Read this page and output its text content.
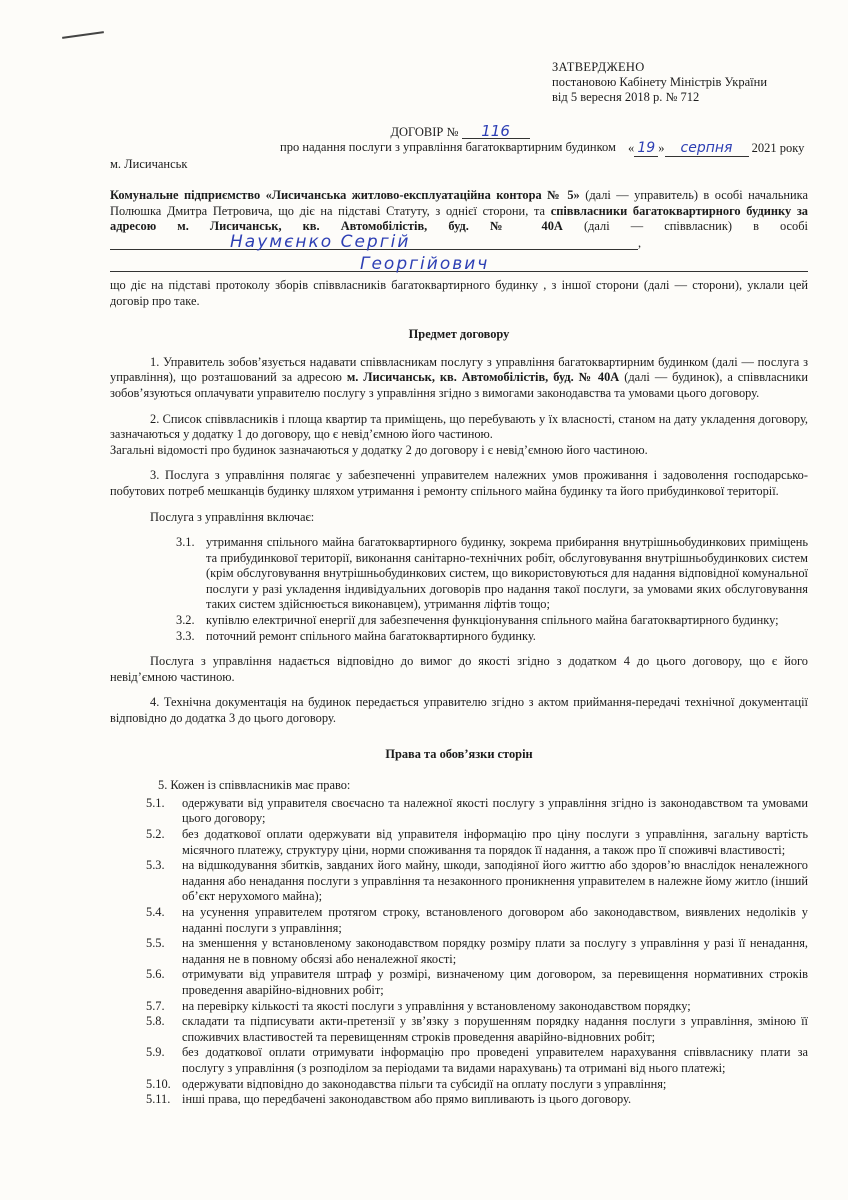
ЗАТВЕРДЖЕНО
постановою Кабінету Міністрів України
від 5 вересня 2018 р. № 712
ДОГОВІР № 116
про надання послуги з управління багатоквартирним будинком « 19 » серпня 2021 року
м. Лисичанськ
Комунальне підприємство «Лисичанська житлово-експлуатаційна контора № 5» (далі — управитель) в особі начальника Полюшка Дмитра Петровича, що діє на підставі Статуту, з однієї сторони, та співвласники багатоквартирного будинку за адресою м. Лисичанськ, кв. Автомобілістів, буд. № 40А (далі — співвласник) в особіНаумєнко Сергій	,
Георгійович

що діє на підставі протоколу зборів співвласників багатоквартирного будинку , з іншої сторони (далі — сторони), уклали цей договір про таке.

Предмет договору

1. Управитель зобов’язується надавати співвласникам послугу з управління багатоквартирним будинком (далі — послуга з управління), що розташований за адресою м. Лисичанськ, кв. Автомобілістів, буд. № 40А (далі — будинок), а співвласники зобов’язуються оплачувати управителю послугу з управління згідно з вимогами законодавства та умовами цього договору.

2. Список співвласників і площа квартир та приміщень, що перебувають у їх власності, станом на дату укладення договору, зазначаються у додатку 1 до договору, що є невід’ємною його частиною.

Загальні відомості про будинок зазначаються у додатку 2 до договору і є невід’ємною його частиною.

3. Послуга з управління полягає у забезпеченні управителем належних умов проживання і задоволення господарсько-побутових потреб мешканців будинку шляхом утримання і ремонту спільного майна будинку та його прибудинкової території.

Послуга з управління включає:

3.1. утримання спільного майна багатоквартирного будинку, зокрема прибирання внутрішньобудинкових приміщень та прибудинкової території, виконання санітарно-технічних робіт, обслуговування внутрішньобудинкових систем (крім обслуговування внутрішньобудинкових систем, що використовуються для надання відповідної комунальної послуги у разі укладення індивідуальних договорів про надання такої послуги, за умовами яких обслуговування таких систем здійснюється виконавцем), утримання ліфтів тощо;
3.2. купівлю електричної енергії для забезпечення функціонування спільного майна багатоквартирного будинку;
3.3. поточний ремонт спільного майна багатоквартирного будинку.

Послуга з управління надається відповідно до вимог до якості згідно з додатком 4 до цього договору, що є його невід’ємною частиною.

4. Технічна документація на будинок передається управителю згідно з актом приймання-передачі технічної документації відповідно до додатка 3 до цього договору.

Права та обов’язки сторін
5. Кожен із співвласників має право:
5.1.	одержувати від управителя своєчасно та належної якості послугу з управління згідно із законодавством та умовами цього договору;
5.2.	без додаткової оплати одержувати від управителя інформацію про ціну послуги з управління, загальну вартість місячного платежу, структуру ціни, норми споживання та порядок її надання, а також про її споживчі властивості;
5.3.	на відшкодування збитків, завданих його майну, шкоди, заподіяної його життю або здоров’ю внаслідок неналежного надання або ненадання послуги з управління та незаконного проникнення управителем в належне йому житло (інший об’єкт нерухомого майна);
5.4.	на усунення управителем протягом строку, встановленого договором або законодавством, виявлених недоліків у наданні послуги з управління;
5.5.	на зменшення у встановленому законодавством порядку розміру плати за послугу з управління у разі її ненадання, надання не в повному обсязі або неналежної якості;
5.6.	отримувати від управителя штраф у розмірі, визначеному цим договором, за перевищення нормативних строків проведення аварійно-відновних робіт;
5.7.	на перевірку кількості та якості послуги з управління у встановленому законодавством порядку;
5.8.	складати та підписувати акти-претензії у зв’язку з порушенням порядку надання послуги з управління, зміною її споживчих властивостей та перевищенням строків проведення аварійно-відновних робіт;
5.9.	без додаткової оплати отримувати інформацію про проведені управителем нарахування співвласнику плати за послугу з управління (з розподілом за періодами та видами нарахувань) та отримані від нього платежі;
5.10. одержувати відповідно до законодавства пільги та субсидії на оплату послуги з управління;
5.11. інші права, що передбачені законодавством або прямо випливають із цього договору.
